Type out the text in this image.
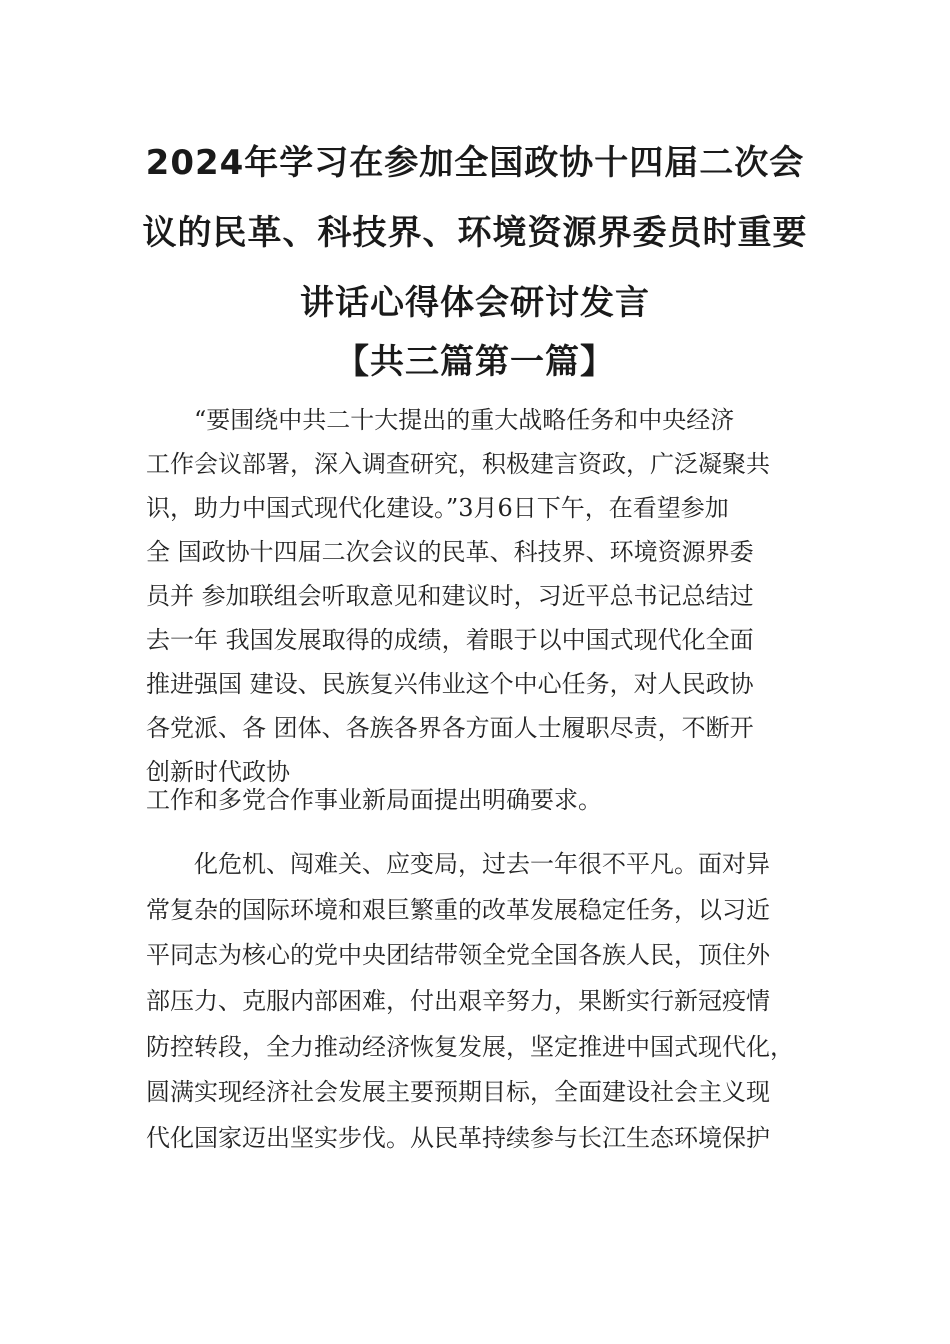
2024年学习在参加全国政协十四届二次会
议的民革、科技界、环境资源界委员时重要
讲话心得体会研讨发言
【共三篇第一篇】
“要围绕中共二十大提出的重大战略任务和中央经济
工作会议部署，深入调查研究，积极建言资政，广泛凝聚共
识，助力中国式现代化建设。”3月6日下午，在看望参加
全 国政协十四届二次会议的民革、科技界、环境资源界委
员并 参加联组会听取意见和建议时，习近平总书记总结过
去一年 我国发展取得的成绩，着眼于以中国式现代化全面
推进强国 建设、民族复兴伟业这个中心任务，对人民政协
各党派、各 团体、各族各界各方面人士履职尽责，不断开
创新时代政协
工作和多党合作事业新局面提出明确要求。
化危机、闯难关、应变局，过去一年很不平凡。面对异
常复杂的国际环境和艰巨繁重的改革发展稳定任务，以习近
平同志为核心的党中央团结带领全党全国各族人民，顶住外
部压力、克服内部困难，付出艰辛努力，果断实行新冠疫情
防控转段，全力推动经济恢复发展，坚定推进中国式现代化，
圆满实现经济社会发展主要预期目标，全面建设社会主义现
代化国家迈出坚实步伐。从民革持续参与长江生态环境保护
